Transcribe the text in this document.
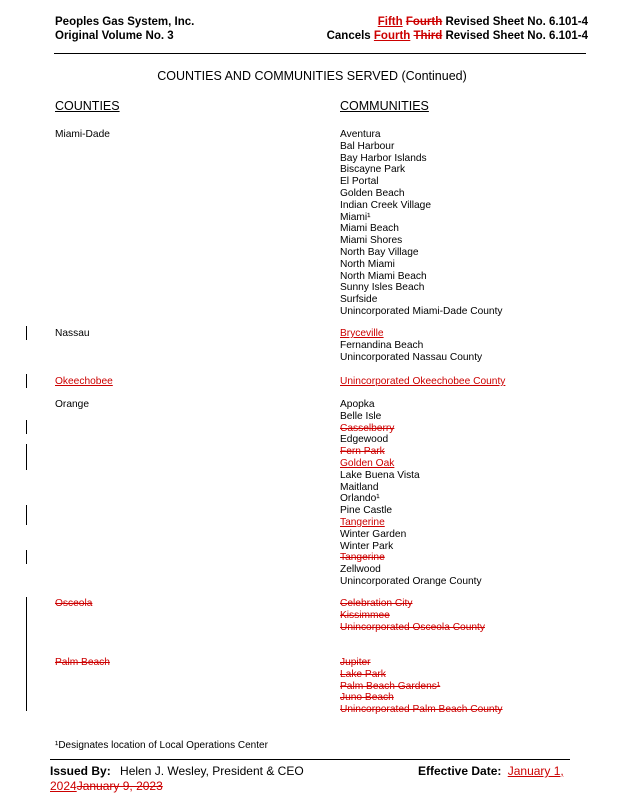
Peoples Gas System, Inc.
Original Volume No. 3
Fifth Fourth Revised Sheet No. 6.101-4
Cancels Fourth Third Revised Sheet No. 6.101-4
COUNTIES AND COMMUNITIES SERVED (Continued)
COUNTIES	COMMUNITIES
Miami-Dade	Aventura
Bal Harbour
Bay Harbor Islands
Biscayne Park
El Portal
Golden Beach
Indian Creek Village
Miami¹
Miami Beach
Miami Shores
North Bay Village
North Miami
North Miami Beach
Sunny Isles Beach
Surfside
Unincorporated Miami-Dade County
Nassau	Bryceville
Fernandina Beach
Unincorporated Nassau County
Okeechobee	Unincorporated Okeechobee County
Orange	Apopka
Belle Isle
Casselberry
Edgewood
Fern Park
Golden Oak
Lake Buena Vista
Maitland
Orlando¹
Pine Castle
Tangerine
Winter Garden
Winter Park
Tangerine
Zellwood
Unincorporated Orange County
Osceola	Celebration City
Kissimmee
Unincorporated Osceola County
Palm Beach	Jupiter
Lake Park
Palm Beach Gardens¹
Juno Beach
Unincorporated Palm Beach County
¹Designates location of Local Operations Center
Issued By: Helen J. Wesley, President & CEO	Effective Date: January 1,
2024January 9, 2023
